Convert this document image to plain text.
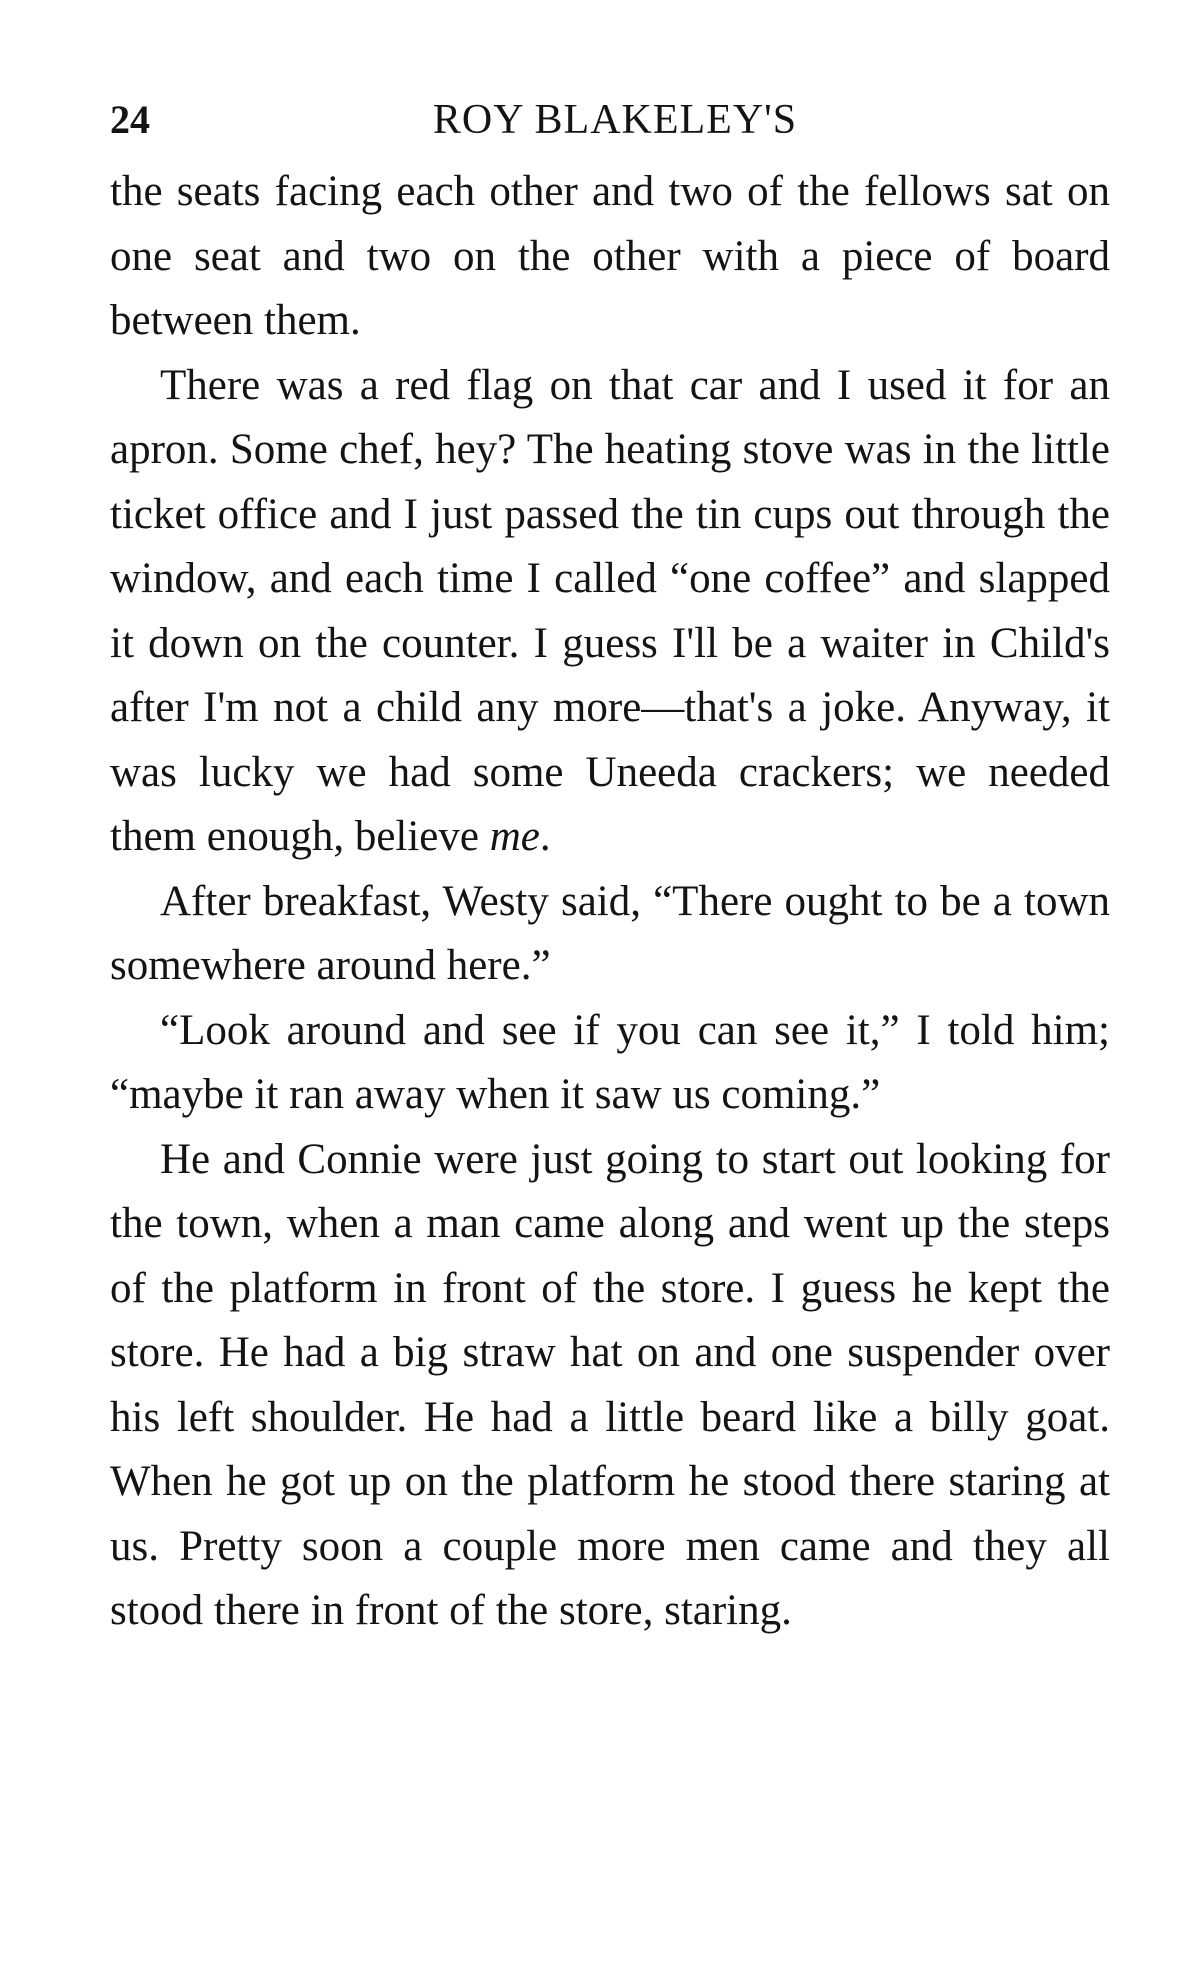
24	ROY BLAKELEY'S

the seats facing each other and two of the fellows sat on one seat and two on the other with a piece of board between them.

There was a red flag on that car and I used it for an apron. Some chef, hey? The heating stove was in the little ticket office and I just passed the tin cups out through the window, and each time I called “one coffee” and slapped it down on the counter. I guess I'll be a waiter in Child's after I'm not a child any more—that's a joke. Anyway, it was lucky we had some Uneeda crackers; we needed them enough, believe me.

After breakfast, Westy said, “There ought to be a town somewhere around here.”

“Look around and see if you can see it,” I told him; “maybe it ran away when it saw us coming.”

He and Connie were just going to start out looking for the town, when a man came along and went up the steps of the platform in front of the store. I guess he kept the store. He had a big straw hat on and one suspender over his left shoulder. He had a little beard like a billy goat. When he got up on the platform he stood there staring at us. Pretty soon a couple more men came and they all stood there in front of the store, staring.
